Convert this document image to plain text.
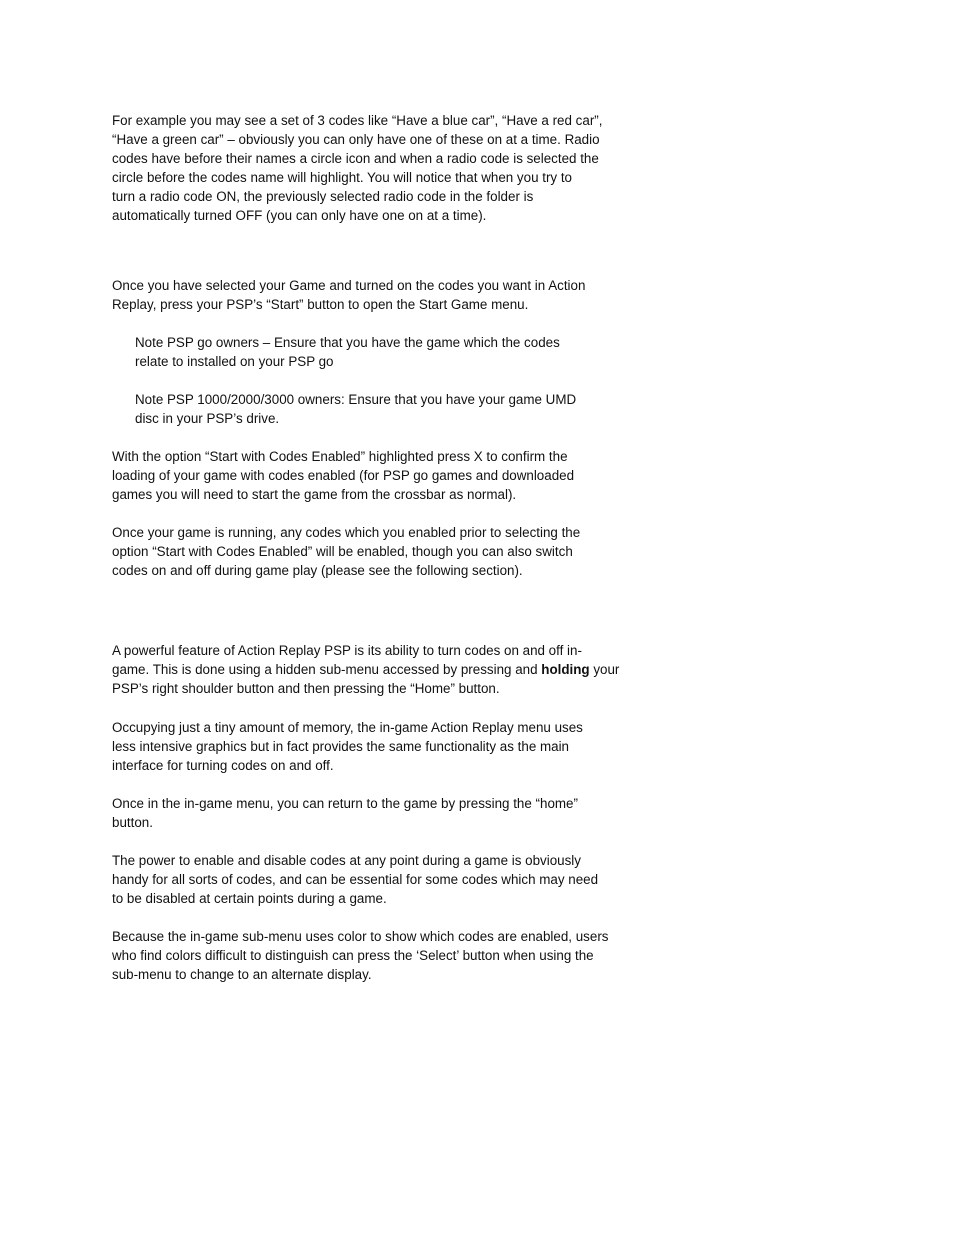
For example you may see a set of 3 codes like “Have a blue car”, “Have a red car”,
“Have a green car” – obviously you can only have one of these on at a time. Radio
codes have before their names a circle icon and when a radio code is selected the
circle before the codes name will highlight. You will notice that when you try to
turn a radio code ON, the previously selected radio code in the folder is
automatically turned OFF (you can only have one on at a time).

Once you have selected your Game and turned on the codes you want in Action
Replay, press your PSP’s “Start” button to open the Start Game menu.

Note PSP go owners – Ensure that you have the game which the codes
relate to installed on your PSP go

Note PSP 1000/2000/3000 owners: Ensure that you have your game UMD
disc in your PSP’s drive.

With the option “Start with Codes Enabled” highlighted press X to confirm the
loading of your game with codes enabled (for PSP go games and downloaded
games you will need to start the game from the crossbar as normal).

Once your game is running, any codes which you enabled prior to selecting the
option “Start with Codes Enabled” will be enabled, though you can also switch
codes on and off during game play (please see the following section).

A powerful feature of Action Replay PSP is its ability to turn codes on and off in-
game. This is done using a hidden sub-menu accessed by pressing and holding your
PSP’s right shoulder button and then pressing the “Home” button.

Occupying just a tiny amount of memory, the in-game Action Replay menu uses
less intensive graphics but in fact provides the same functionality as the main
interface for turning codes on and off.

Once in the in-game menu, you can return to the game by pressing the “home”
button.

The power to enable and disable codes at any point during a game is obviously
handy for all sorts of codes, and can be essential for some codes which may need
to be disabled at certain points during a game.

Because the in-game sub-menu uses color to show which codes are enabled, users
who find colors difficult to distinguish can press the ‘Select’ button when using the
sub-menu to change to an alternate display.
